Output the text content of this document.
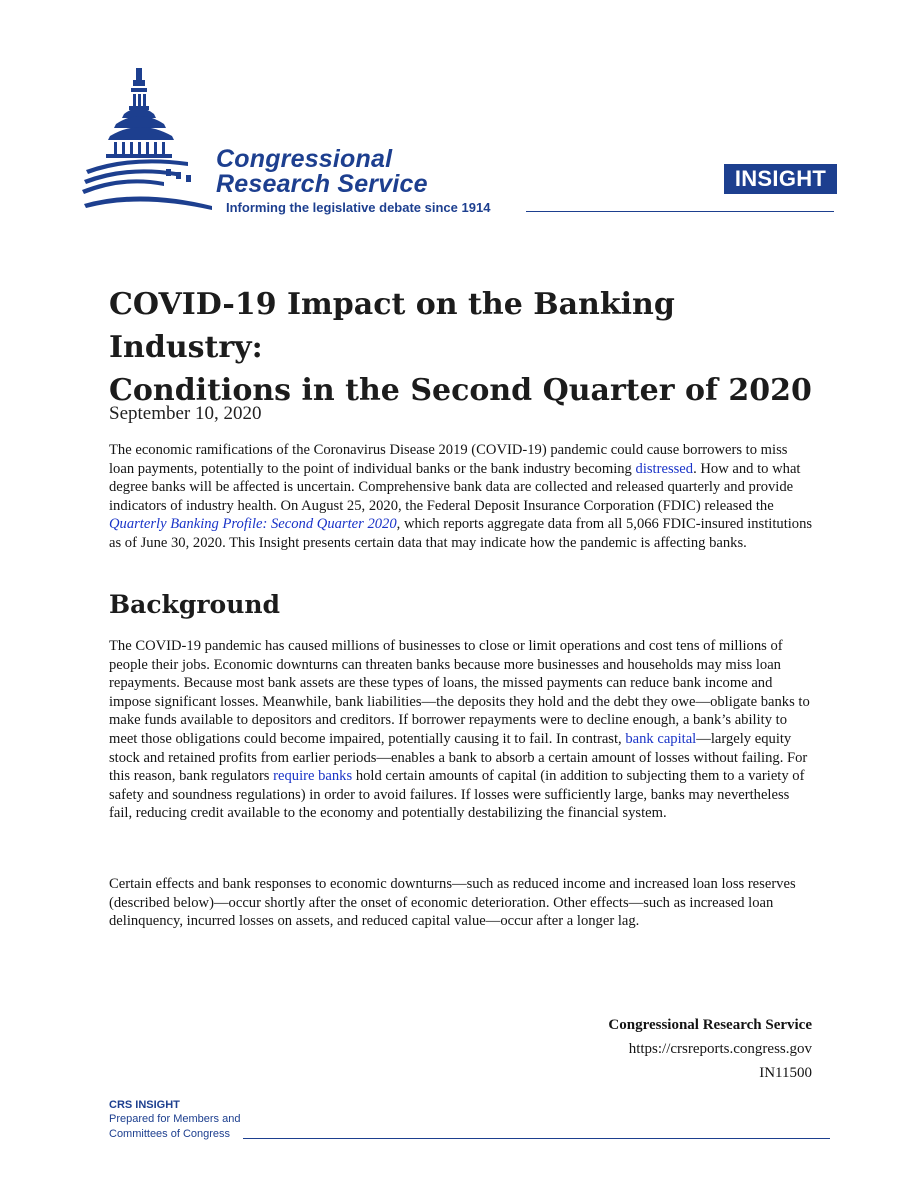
Congressional
Research Service
Informing the legislative debate since 1914
INSIGHT
COVID-19 Impact on the Banking Industry:
Conditions in the Second Quarter of 2020
September 10, 2020

The economic ramifications of the Coronavirus Disease 2019 (COVID-19) pandemic could cause borrowers to miss loan payments, potentially to the point of individual banks or the bank industry becoming distressed. How and to what degree banks will be affected is uncertain. Comprehensive bank data are collected and released quarterly and provide indicators of industry health. On August 25, 2020, the Federal Deposit Insurance Corporation (FDIC) released the Quarterly Banking Profile: Second Quarter 2020, which reports aggregate data from all 5,066 FDIC-insured institutions as of June 30, 2020. This Insight presents certain data that may indicate how the pandemic is affecting banks.

Background

The COVID-19 pandemic has caused millions of businesses to close or limit operations and cost tens of millions of people their jobs. Economic downturns can threaten banks because more businesses and households may miss loan repayments. Because most bank assets are these types of loans, the missed payments can reduce bank income and impose significant losses. Meanwhile, bank liabilities—the deposits they hold and the debt they owe—obligate banks to make funds available to depositors and creditors. If borrower repayments were to decline enough, a bank’s ability to meet those obligations could become impaired, potentially causing it to fail. In contrast, bank capital—largely equity stock and retained profits from earlier periods—enables a bank to absorb a certain amount of losses without failing. For this reason, bank regulators require banks hold certain amounts of capital (in addition to subjecting them to a variety of safety and soundness regulations) in order to avoid failures. If losses were sufficiently large, banks may nevertheless fail, reducing credit available to the economy and potentially destabilizing the financial system.

Certain effects and bank responses to economic downturns—such as reduced income and increased loan loss reserves (described below)—occur shortly after the onset of economic deterioration. Other effects—such as increased loan delinquency, incurred losses on assets, and reduced capital value—occur after a longer lag.

Congressional Research Service
https://crsreports.congress.gov
IN11500
CRS INSIGHT
Prepared for Members and
Committees of Congress
